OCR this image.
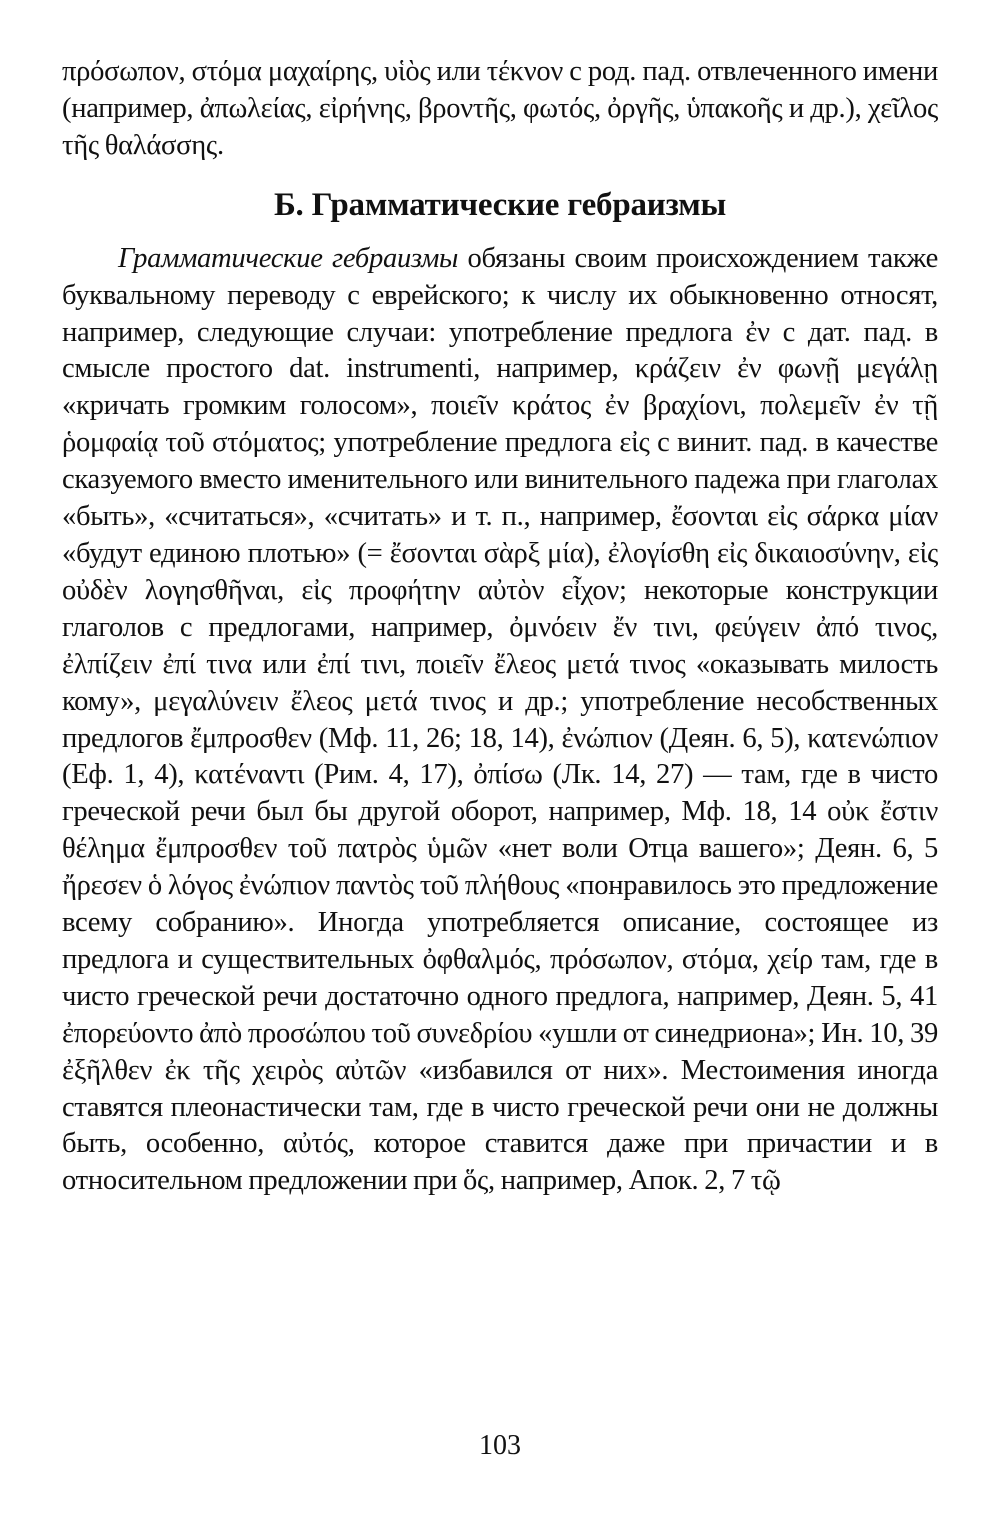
πρόσωπον, στόμα μαχαίρης, υἱὸς или τέκνον с род. пад. отвлеченного имени (например, ἀπωλείας, εἰρήνης, βροντῆς, φωτός, ὀργῆς, ὑπακοῆς и др.), χεῖλος τῆς θαλάσσης.

Б. Грамматические гебраизмы

Грамматические гебраизмы обязаны своим происхождением также буквальному переводу с еврейского; к числу их обыкновенно относят, например, следующие случаи: употребление предлога ἐν с дат. пад. в смысле простого dat. instrumenti, например, κράζειν ἐν φωνῇ μεγάλῃ «кричать громким голосом», ποιεῖν κράτος ἐν βραχίονι, πολεμεῖν ἐν τῇ ῥομφαίᾳ τοῦ στόματος; употребление предлога εἰς с винит. пад. в качестве сказуемого вместо именительного или винительного падежа при глаголах «быть», «считаться», «считать» и т. п., например, ἔσονται εἰς σάρκα μίαν «будут единою плотью» (= ἔσονται σὰρξ μία), ἐλογίσθη εἰς δικαιοσύνην, εἰς οὐδὲν λογησθῆναι, εἰς προφήτην αὐτὸν εἶχον; некоторые конструкции глаголов с предлогами, например, ὀμνόειν ἔν τινι, φεύγειν ἀπό τινος, ἐλπίζειν ἐπί τινα или ἐπί τινι, ποιεῖν ἔλεος μετά τινος «оказывать милость кому», μεγαλύνειν ἔλεος μετά τινος и др.; употребление несобственных предлогов ἔμπροσθεν (Мф. 11, 26; 18, 14), ἐνώπιον (Деян. 6, 5), κατενώπιον (Еф. 1, 4), κατέναντι (Рим. 4, 17), ὀπίσω (Лк. 14, 27) — там, где в чисто греческой речи был бы другой оборот, например, Мф. 18, 14 οὐκ ἔστιν θέλημα ἔμπροσθεν τοῦ πατρὸς ὑμῶν «нет воли Отца вашего»; Деян. 6, 5 ἤρεσεν ὁ λόγος ἐνώπιον παντὸς τοῦ πλήθους «понравилось это предложение всему собранию». Иногда употребляется описание, состоящее из предлога и существительных ὀφθαλμός, πρόσωπον, στόμα, χείρ там, где в чисто греческой речи достаточно одного предлога, например, Деян. 5, 41 ἐπορεύοντο ἀπὸ προσώπου τοῦ συνεδρίου «ушли от синедриона»; Ин. 10, 39 ἐξῆλθεν ἐκ τῆς χειρὸς αὐτῶν «избавился от них». Местоимения иногда ставятся плеонастически там, где в чисто греческой речи они не должны быть, особенно, αὐτός, которое ставится даже при причастии и в относительном предложении при ὅς, например, Апок. 2, 7 τῷ

103
